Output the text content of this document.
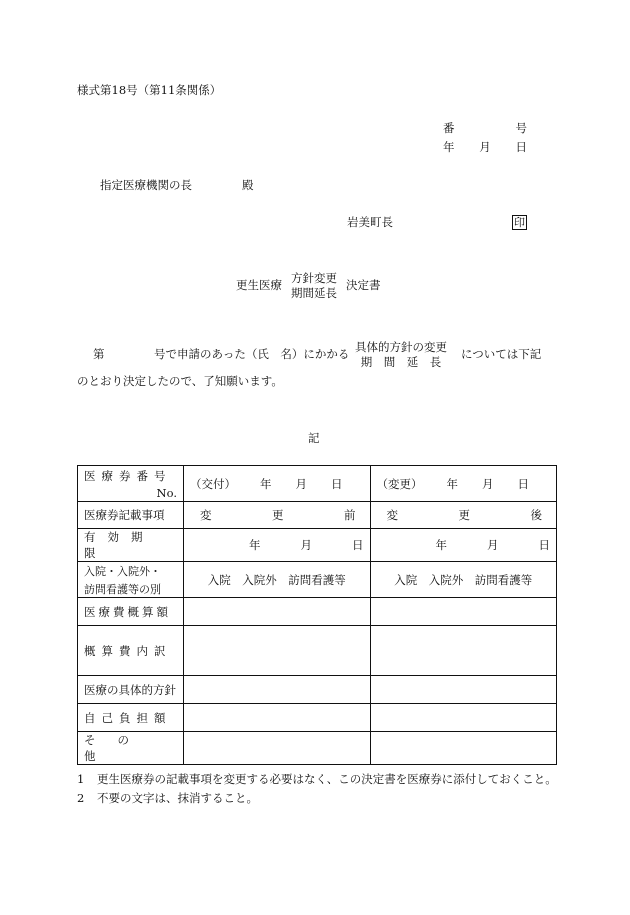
様式第18号（第11条関係）
番	号
年 月 日
指定医療機関の長	殿
岩美町長	印
更生医療
方針変更
期間延長
決定書
第	号で申請のあった（氏　名）にかかる 具体的方針の変更
期　間　延　長
については下記
のとおり決定したので、了知願います。
記
医療券番号
No.	（交付） 年 月 日	（変更） 年 月 日

医療券記載事項	変 更 前	変 更 後

有効期限	年 月 日	年 月 日

入院・入院外・
訪問看護等の別	入院　入院外　訪問看護等	入院　入院外　訪問看護等

医療費概算額		

概算費内訳		

医療の具体的方針		

自己負担額		

その他		

1	更生医療券の記載事項を変更する必要はなく、この決定書を医療券に添付しておくこと。
2	不要の文字は、抹消すること。
